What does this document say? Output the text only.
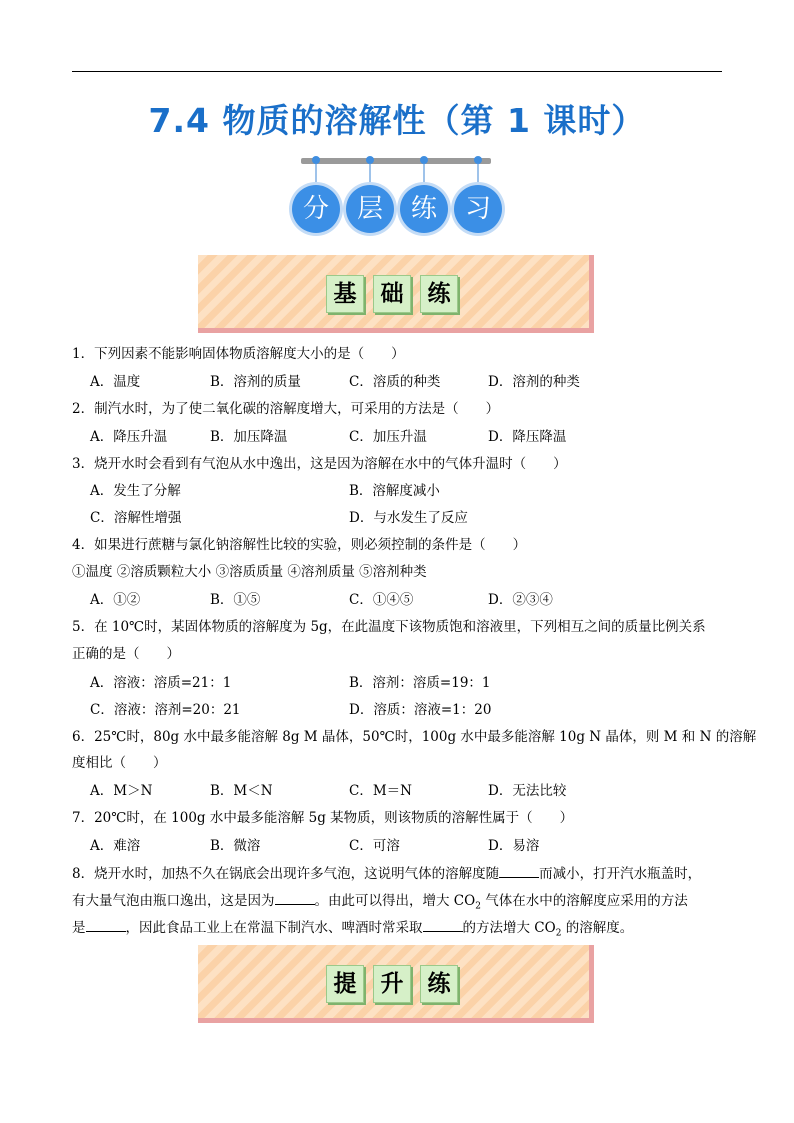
7.4 物质的溶解性（第 1 课时）
分	层	练	习
基	础	练
1．下列因素不能影响固体物质溶解度大小的是（　　）
A．温度	B．溶剂的质量	C．溶质的种类	D．溶剂的种类
2．制汽水时，为了使二氧化碳的溶解度增大，可采用的方法是（　　）
A．降压升温	B．加压降温	C．加压升温	D．降压降温
3．烧开水时会看到有气泡从水中逸出，这是因为溶解在水中的气体升温时（　　）
A．发生了分解	B．溶解度减小
C．溶解性增强	D．与水发生了反应
4．如果进行蔗糖与氯化钠溶解性比较的实验，则必须控制的条件是（　　）
①温度 ②溶质颗粒大小 ③溶质质量 ④溶剂质量 ⑤溶剂种类
A．①②	B．①⑤	C．①④⑤	D．②③④
5．在 10℃时，某固体物质的溶解度为 5g，在此温度下该物质饱和溶液里，下列相互之间的质量比例关系
正确的是（　　）
A．溶液：溶质=21：1	B．溶剂：溶质=19：1
C．溶液：溶剂=20：21	D．溶质：溶液=1：20
6．25℃时，80g 水中最多能溶解 8g M 晶体，50℃时，100g 水中最多能溶解 10g N 晶体，则 M 和 N 的溶解
度相比（　　）
A．M＞N	B．M＜N	C．M＝N	D．无法比较
7．20℃时，在 100g 水中最多能溶解 5g 某物质，则该物质的溶解性属于（　　）
A．难溶	B．微溶	C．可溶	D．易溶
8．烧开水时，加热不久在锅底会出现许多气泡，这说明气体的溶解度随	而减小，打开汽水瓶盖时，
有大量气泡由瓶口逸出，这是因为	。由此可以得出，增大 $CO_2$ 气体在水中的溶解度应采用的方法
是	，因此食品工业上在常温下制汽水、啤酒时常采取	的方法增大 $CO_2$ 的溶解度。
提	升	练
